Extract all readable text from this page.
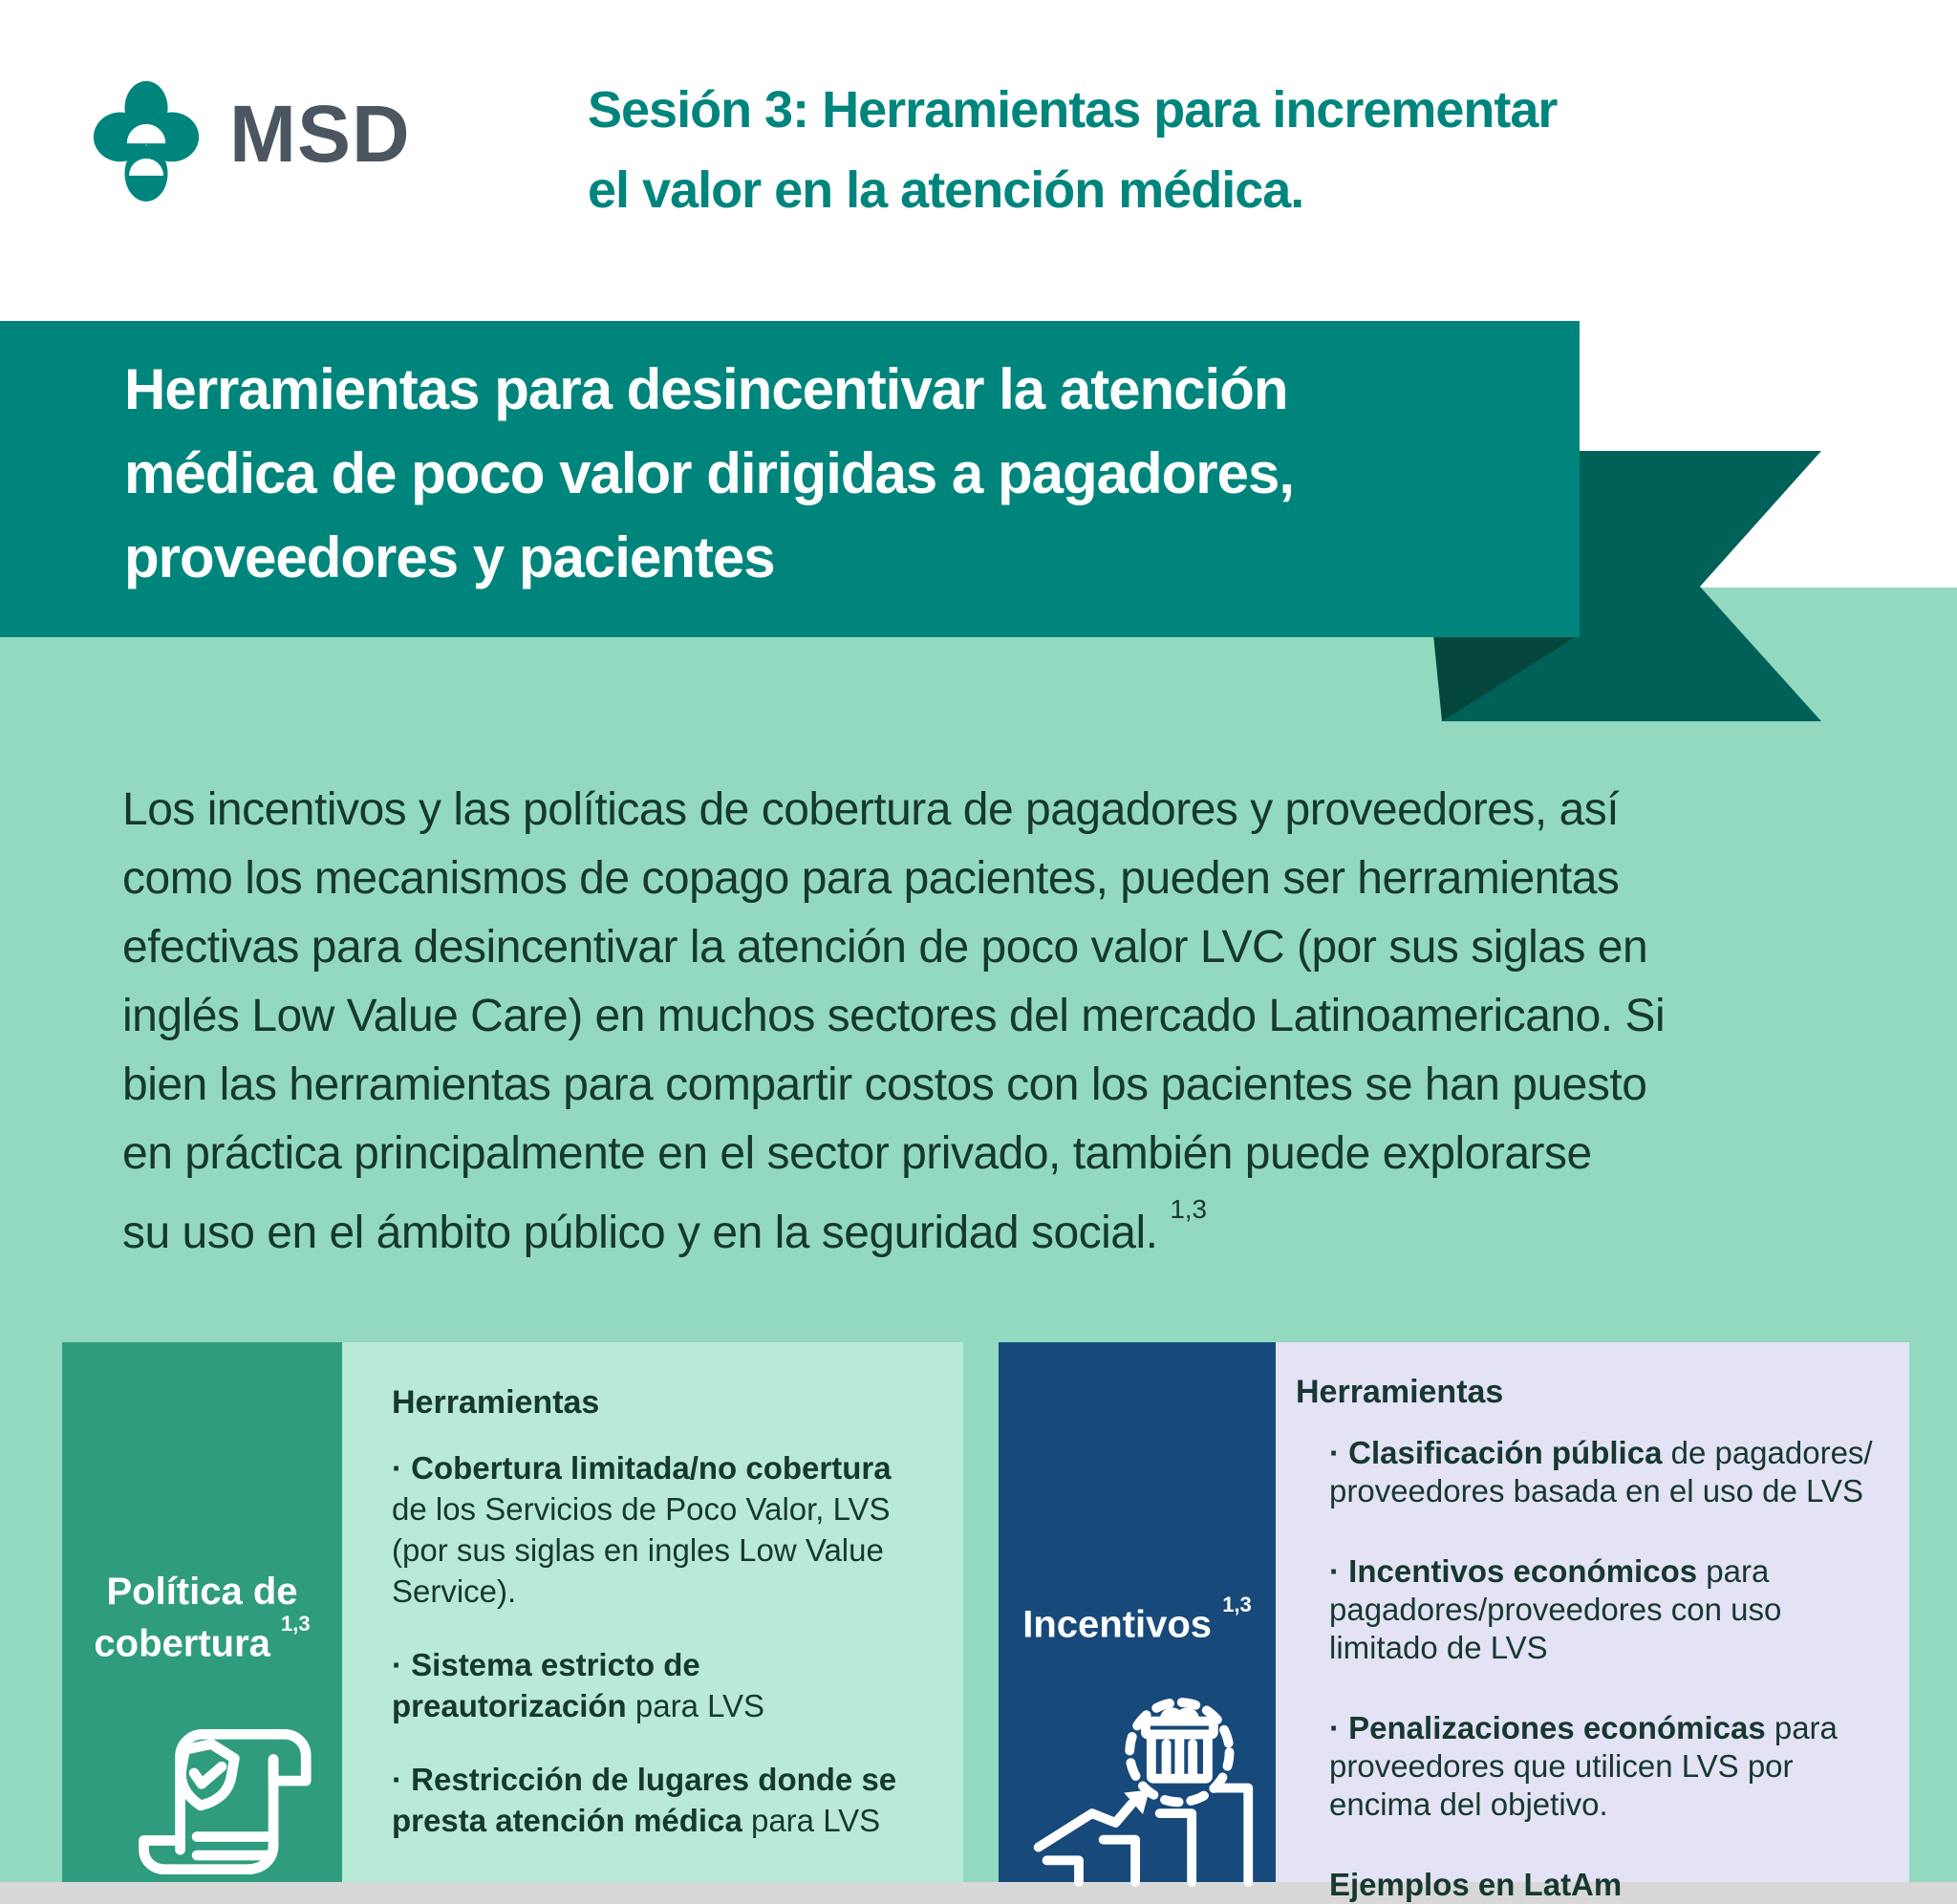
MSD	Sesión 3: Herramientas para incrementar
el valor en la atención médica.
Herramientas para desincentivar la atención
médica de poco valor dirigidas a pagadores,
proveedores y pacientes
Los incentivos y las políticas de cobertura de pagadores y proveedores, así
como los mecanismos de copago para pacientes, pueden ser herramientas
efectivas para desincentivar la atención de poco valor LVC (por sus siglas en
inglés Low Value Care) en muchos sectores del mercado Latinoamericano. Si
bien las herramientas para compartir costos con los pacientes se han puesto
en práctica principalmente en el sector privado, también puede explorarse
su uso en el ámbito público y en la seguridad social. $^{1,3}$
Política de
cobertura $^{1,3}$
Herramientas
· Cobertura limitada/no cobertura
de los Servicios de Poco Valor, LVS
(por sus siglas en ingles Low Value
Service).
· Sistema estricto de
preautorización para LVS
· Restricción de lugares donde se
presta atención médica para LVS
Incentivos $^{1,3}$
Herramientas
· Clasificación pública de pagadores/
proveedores basada en el uso de LVS
· Incentivos económicos para
pagadores/proveedores con uso
limitado de LVS
· Penalizaciones económicas para
proveedores que utilicen LVS por
encima del objetivo.
Ejemplos en LatAm
